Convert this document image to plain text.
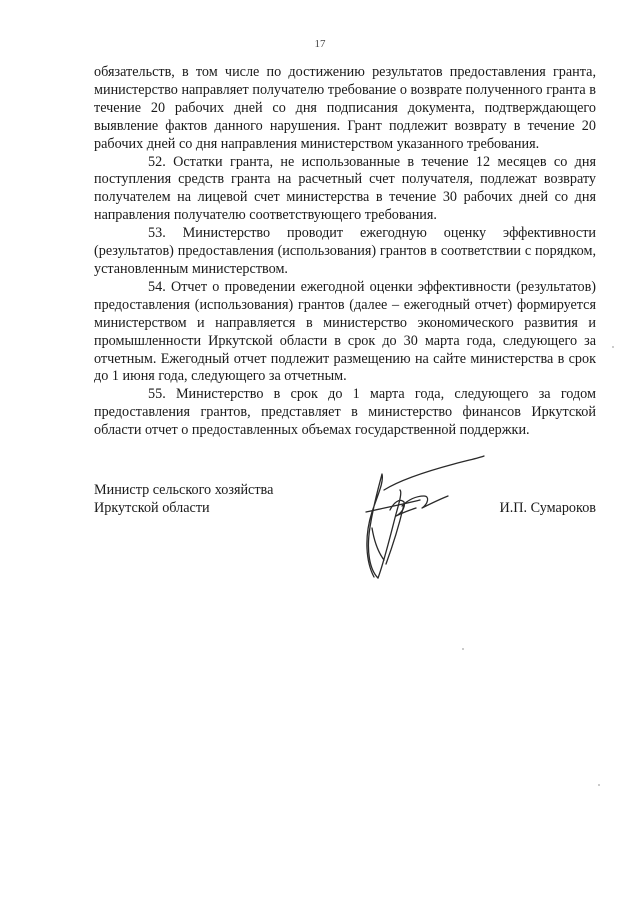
17

обязательств, в том числе по достижению результатов предоставления гранта, министерство направляет получателю требование о возврате полученного гранта в течение 20 рабочих дней со дня подписания документа, подтверждающего выявление фактов данного нарушения. Грант подлежит возврату в течение 20 рабочих дней со дня направления министерством указанного требования.

52. Остатки гранта, не использованные в течение 12 месяцев со дня поступления средств гранта на расчетный счет получателя, подлежат возврату получателем на лицевой счет министерства в течение 30 рабочих дней со дня направления получателю соответствующего требования.

53. Министерство проводит ежегодную оценку эффективности (результатов) предоставления (использования) грантов в соответствии с порядком, установленным министерством.

54. Отчет о проведении ежегодной оценки эффективности (результатов) предоставления (использования) грантов (далее – ежегодный отчет) формируется министерством и направляется в министерство экономического развития и промышленности Иркутской области в срок до 30 марта года, следующего за отчетным. Ежегодный отчет подлежит размещению на сайте министерства в срок до 1 июня года, следующего за отчетным.

55. Министерство в срок до 1 марта года, следующего за годом предоставления грантов, представляет в министерство финансов Иркутской области отчет о предоставленных объемах государственной поддержки.

Министр сельского хозяйства
Иркутской области	И.П. Сумароков
